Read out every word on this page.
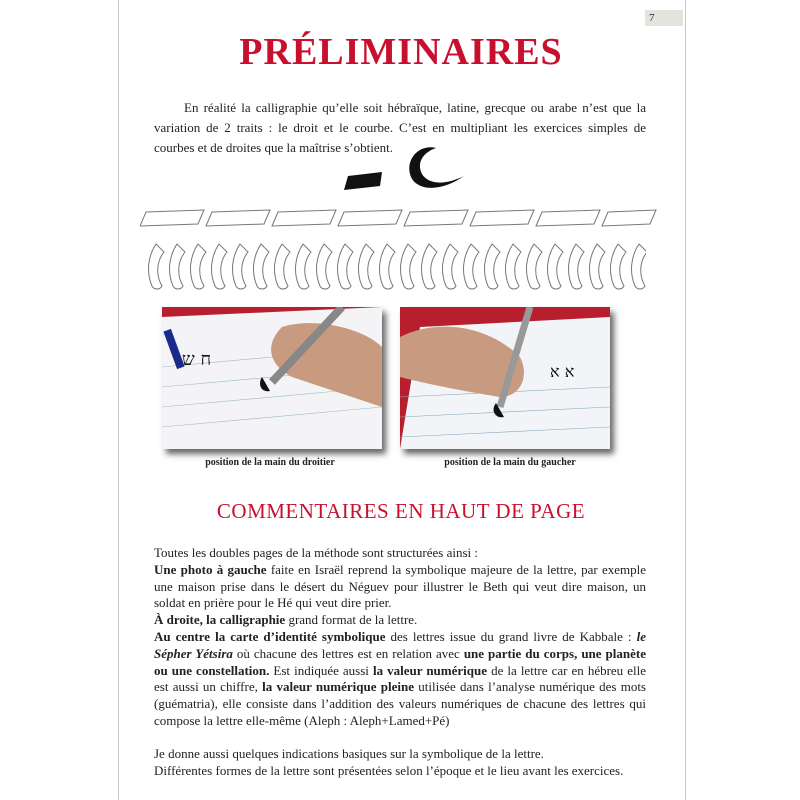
7
PRÉLIMINAIRES

En réalité la calligraphie qu’elle soit hébraïque, latine, grecque ou arabe n’est que la variation de 2 traits : le droit et le courbe. C’est en multipliant les exercices simples de courbes et de droites que la maîtrise s’obtient.

ח ש
א א

position de la main du droitier	position de la main du gaucher

COMMENTAIRES EN HAUT DE PAGE

Toutes les doubles pages de la méthode sont structurées ainsi :

Une photo à gauche faite en Israël reprend la symbolique majeure de la lettre, par exemple une maison prise dans le désert du Néguev pour illustrer le Beth qui veut dire maison, un soldat en prière pour le Hé qui veut dire prier.

À droite, la calligraphie grand format de la lettre.

Au centre la carte d’identité symbolique des lettres issue du grand livre de Kabbale : le Sépher Yétsira où chacune des lettres est en relation avec une partie du corps, une planète ou une constellation. Est indiquée aussi la valeur numérique de la lettre car en hébreu elle est aussi un chiffre, la valeur numérique pleine utilisée dans l’analyse numérique des mots (guématria), elle consiste dans l’addition des valeurs numériques de chacune des lettres qui compose la lettre elle-même (Aleph : Aleph+Lamed+Pé)

Je donne aussi quelques indications basiques sur la symbolique de la lettre.

Différentes formes de la lettre sont présentées selon l’époque et le lieu avant les exercices.
